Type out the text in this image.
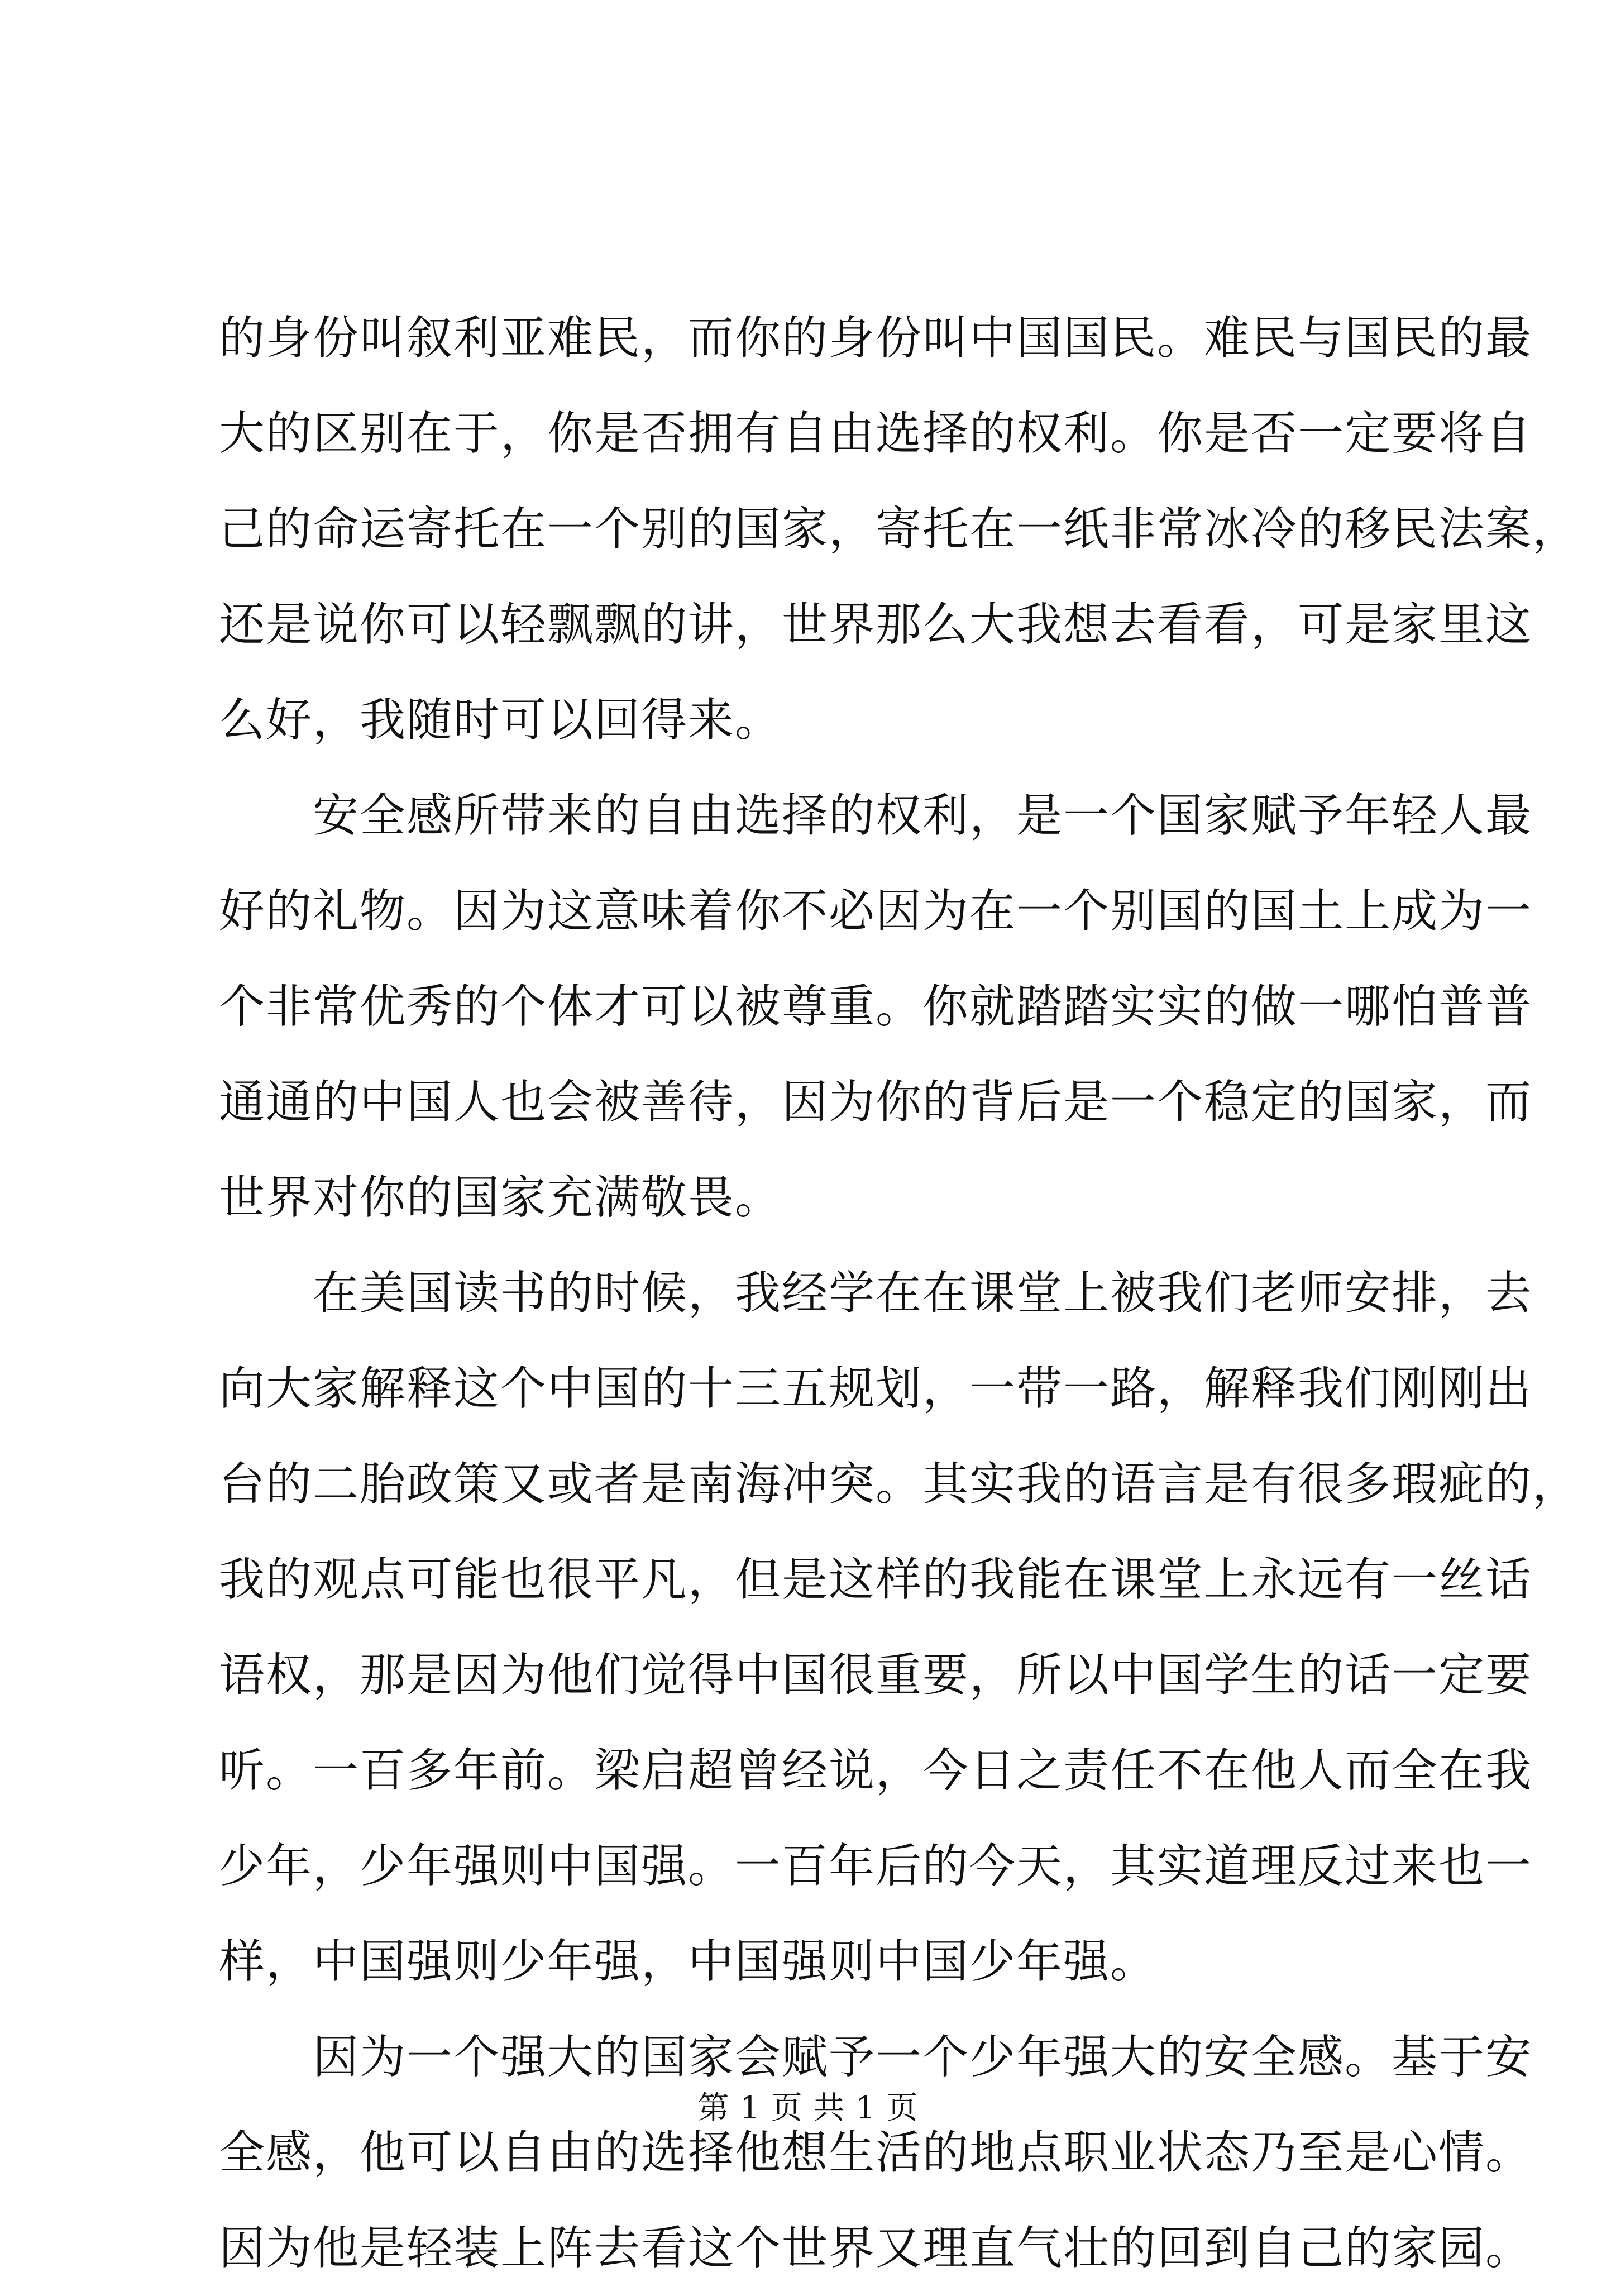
的身份叫叙利亚难民，而你的身份叫中国国民。难民与国民的最
大的区别在于，你是否拥有自由选择的权利。你是否一定要将自
己的命运寄托在一个别的国家，寄托在一纸非常冰冷的移民法案，
还是说你可以轻飘飘的讲，世界那么大我想去看看，可是家里这
么好，我随时可以回得来。
安全感所带来的自由选择的权利，是一个国家赋予年轻人最
好的礼物。因为这意味着你不必因为在一个别国的国土上成为一
个非常优秀的个体才可以被尊重。你就踏踏实实的做一哪怕普普
通通的中国人也会被善待，因为你的背后是一个稳定的国家，而
世界对你的国家充满敬畏。
在美国读书的时候，我经学在在课堂上被我们老师安排，去
向大家解释这个中国的十三五规划，一带一路，解释我们刚刚出
台的二胎政策又或者是南海冲突。其实我的语言是有很多瑕疵的，
我的观点可能也很平凡，但是这样的我能在课堂上永远有一丝话
语权，那是因为他们觉得中国很重要，所以中国学生的话一定要
听。一百多年前。梁启超曾经说，今日之责任不在他人而全在我
少年，少年强则中国强。一百年后的今天，其实道理反过来也一
样，中国强则少年强，中国强则中国少年强。
因为一个强大的国家会赋予一个少年强大的安全感。基于安
全感，他可以自由的选择他想生活的地点职业状态乃至是心情。
因为他是轻装上阵去看这个世界又理直气壮的回到自己的家园。
第 1 页 共 1 页
